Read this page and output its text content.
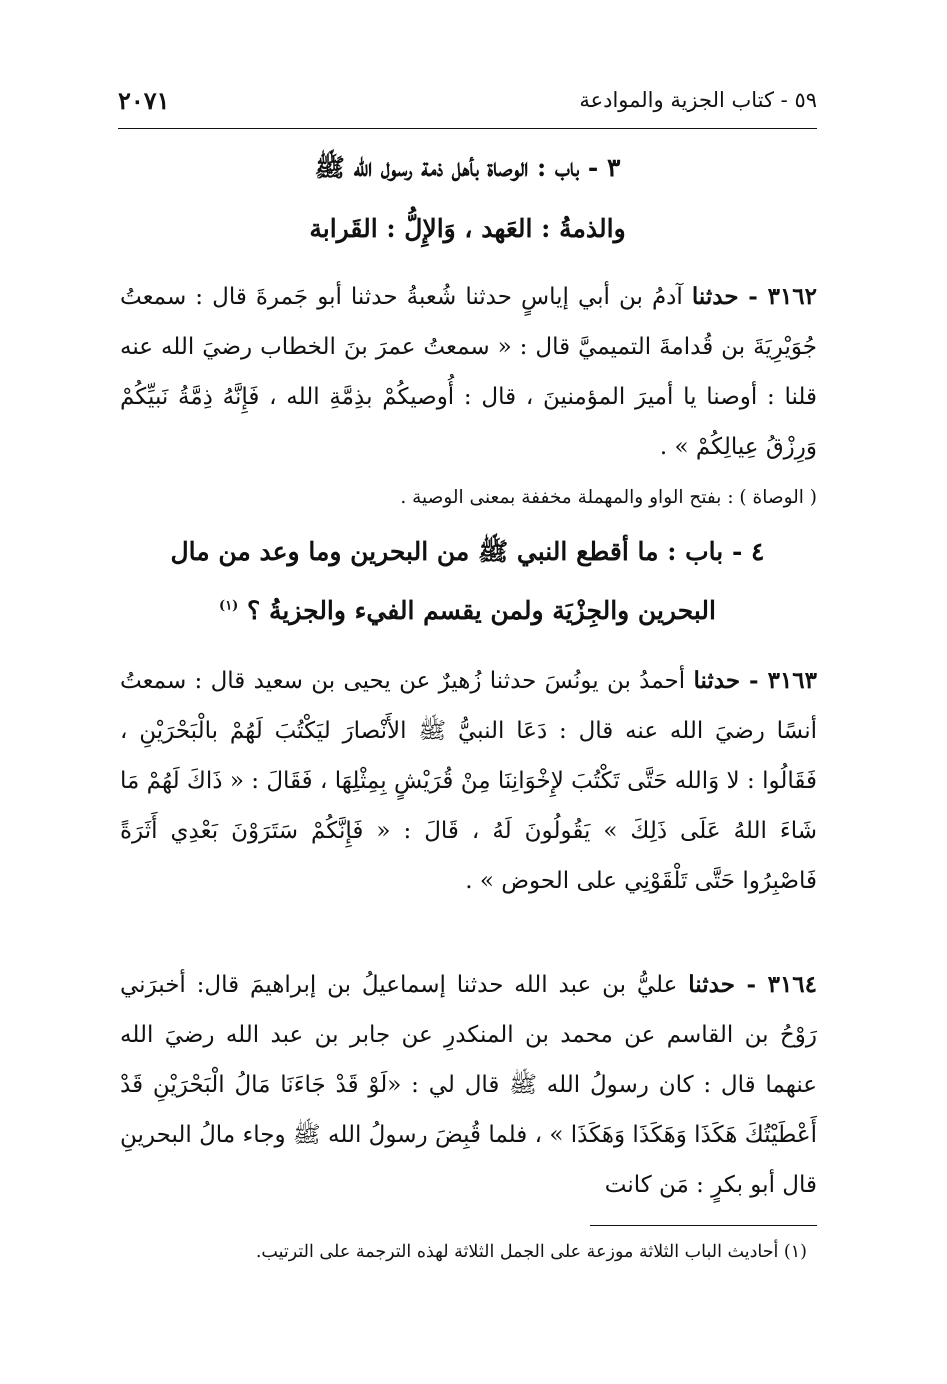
٥٩ - كتاب الجزية والموادعة
٢٠٧١
٣ - باب : الوصاة بأهل ذمة رسول الله ﷺ
والذمةُ : العَهد ، وَالإِلُّ : القَرابة

٣١٦٢ - حدثنا آدمُ بن أبي إياسٍ حدثنا شُعبةُ حدثنا أبو جَمرةَ قال : سمعتُ جُوَيْرِيَةَ بن قُدامةَ التميميَّ قال : « سمعتُ عمرَ بنَ الخطاب رضيَ الله عنه قلنا : أوصنا يا أميرَ المؤمنينَ ، قال : أُوصيكُمْ بذِمَّةِ الله ، فَإِنَّهُ ذِمَّةُ نَبيِّكُمْ وَرِزْقُ عِيالِكُمْ » .

( الوصاة ) : بفتح الواو والمهملة مخففة بمعنى الوصية .
٤ - باب : ما أقطع النبي ﷺ من البحرين وما وعد من مال
البحرين والجِزْيَة ولمن يقسم الفيء والجزيةُ ؟ $^{(١)}$

٣١٦٣ - حدثنا أحمدُ بن يونُسَ حدثنا زُهيرٌ عن يحيى بن سعيد قال : سمعتُ أنسًا رضيَ الله عنه قال : دَعَا النبيُّ ﷺ الأَنْصارَ ليَكْتُبَ لَهُمْ بالْبَحْرَيْنِ ، فَقَالُوا : لا وَالله حَتَّى تَكْتُبَ لإِخْوَانِنَا مِنْ قُرَيْشٍ بِمِثْلِهَا ، فَقَالَ : « ذَاكَ لَهُمْ مَا شَاءَ اللهُ عَلَى ذَلِكَ » يَقُولُونَ لَهُ ، قَالَ : « فَإِنَّكُمْ سَتَرَوْنَ بَعْدِي أَثَرَةً فَاصْبِرُوا حَتَّى تَلْقَوْنِي على الحوض » .

٣١٦٤ - حدثنا عليُّ بن عبد الله حدثنا إسماعيلُ بن إبراهيمَ قال: أخبرَني رَوْحُ بن القاسم عن محمد بن المنكدرِ عن جابر بن عبد الله رضيَ الله عنهما قال : كان رسولُ الله ﷺ قال لي : «لَوْ قَدْ جَاءَنَا مَالُ الْبَحْرَيْنِ قَدْ أَعْطَيْتُكَ هَكَذَا وَهَكَذَا وَهَكَذَا » ، فلما قُبِضَ رسولُ الله ﷺ وجاء مالُ البحرينِ قال أبو بكرٍ : مَن كانت

(١) أحاديث الباب الثلاثة موزعة على الجمل الثلاثة لهذه الترجمة على الترتيب.
